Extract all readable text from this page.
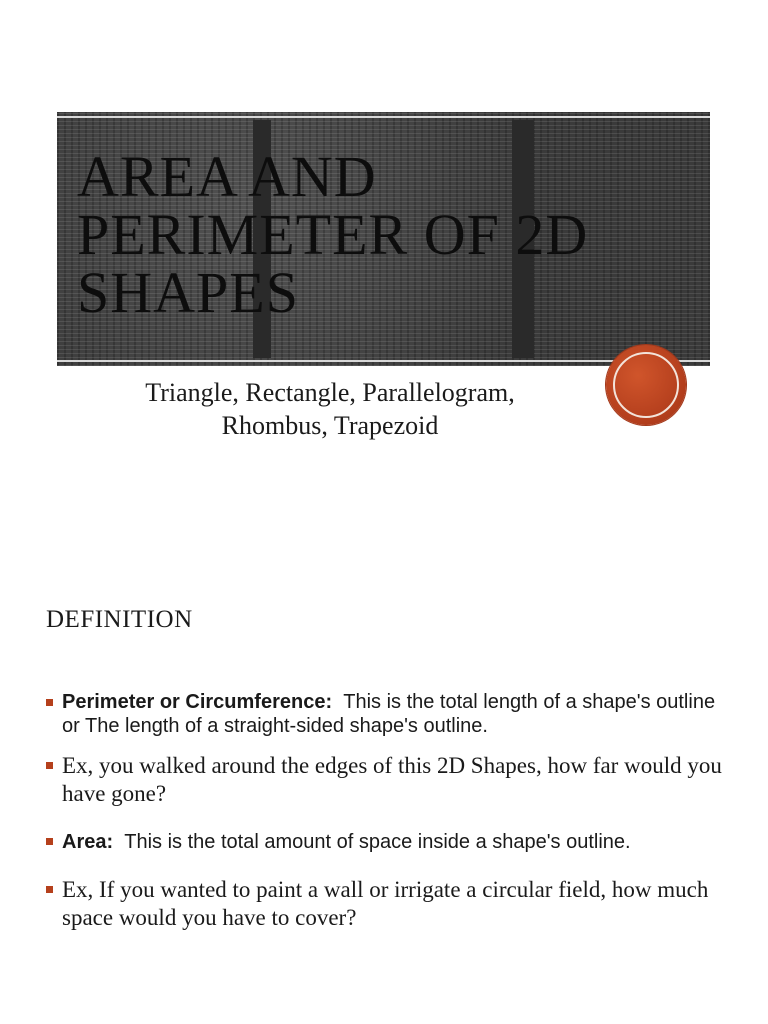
AREA AND PERIMETER OF 2D SHAPES
Triangle, Rectangle, Parallelogram,
Rhombus, Trapezoid
DEFINITION
Perimeter or Circumference: This is the total length of a shape's outline or The length of a straight-sided shape's outline.
Ex, you walked around the edges of this 2D Shapes, how far would you have gone?
Area: This is the total amount of space inside a shape's outline.
Ex, If you wanted to paint a wall or irrigate a circular field, how much space would you have to cover?
